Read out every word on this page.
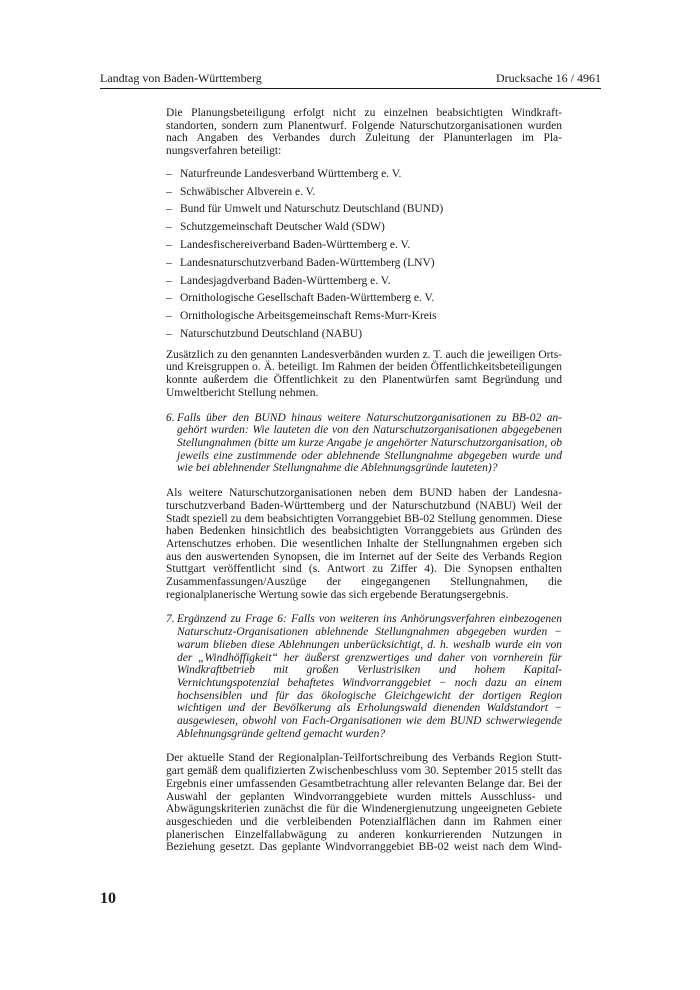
Landtag von Baden-Württemberg	Drucksache 16 / 4961

Die Planungsbeteiligung erfolgt nicht zu einzelnen beabsichtigten Windkraftstandorten, sondern zum Planentwurf. Folgende Naturschutzorganisationen wurden nach Angaben des Verbandes durch Zuleitung der Planunterlagen im Planungsverfahren beteiligt:

– Naturfreunde Landesverband Württemberg e. V.
– Schwäbischer Albverein e. V.
– Bund für Umwelt und Naturschutz Deutschland (BUND)
– Schutzgemeinschaft Deutscher Wald (SDW)
– Landesfischereiverband Baden-Württemberg e. V.
– Landesnaturschutzverband Baden-Württemberg (LNV)
– Landesjagdverband Baden-Württemberg e. V.
– Ornithologische Gesellschaft Baden-Württemberg e. V.
– Ornithologische Arbeitsgemeinschaft Rems-Murr-Kreis
– Naturschutzbund Deutschland (NABU)

Zusätzlich zu den genannten Landesverbänden wurden z. T. auch die jeweiligen Orts- und Kreisgruppen o. Ä. beteiligt. Im Rahmen der beiden Öffentlichkeitsbeteiligungen konnte außerdem die Öffentlichkeit zu den Planentwürfen samt Begründung und Umweltbericht Stellung nehmen.

6. Falls über den BUND hinaus weitere Naturschutzorganisationen zu BB-02 angehört wurden: Wie lauteten die von den Naturschutzorganisationen abgegebenen Stellungnahmen (bitte um kurze Angabe je angehörter Naturschutzorganisation, ob jeweils eine zustimmende oder ablehnende Stellungnahme abgegeben wurde und wie bei ablehnender Stellungnahme die Ablehnungsgründe lauteten)?

Als weitere Naturschutzorganisationen neben dem BUND haben der Landesnaturschutzverband Baden-Württemberg und der Naturschutzbund (NABU) Weil der Stadt speziell zu dem beabsichtigten Vorranggebiet BB-02 Stellung genommen. Diese haben Bedenken hinsichtlich des beabsichtigten Vorranggebiets aus Gründen des Artenschutzes erhoben. Die wesentlichen Inhalte der Stellungnahmen ergeben sich aus den auswertenden Synopsen, die im Internet auf der Seite des Verbands Region Stuttgart veröffentlicht sind (s. Antwort zu Ziffer 4). Die Synopsen enthalten Zusammenfassungen/Auszüge der eingegangenen Stellungnahmen, die regionalplanerische Wertung sowie das sich ergebende Beratungsergebnis.

7. Ergänzend zu Frage 6: Falls von weiteren ins Anhörungsverfahren einbezogenen Naturschutz-Organisationen ablehnende Stellungnahmen abgegeben wurden − warum blieben diese Ablehnungen unberücksichtigt, d. h. weshalb wurde ein von der „Windhöffigkeit“ her äußerst grenzwertiges und daher von vornherein für Windkraftbetrieb mit großen Verlustrisiken und hohem KapitalVernichtungspotenzial behaftetes Windvorranggebiet − noch dazu an einem hochsensiblen und für das ökologische Gleichgewicht der dortigen Region wichtigen und der Bevölkerung als Erholungswald dienenden Waldstandort − ausgewiesen, obwohl von Fach-Organisationen wie dem BUND schwerwiegende Ablehnungsgründe geltend gemacht wurden?

Der aktuelle Stand der Regionalplan-Teilfortschreibung des Verbands Region Stuttgart gemäß dem qualifizierten Zwischenbeschluss vom 30. September 2015 stellt das Ergebnis einer umfassenden Gesamtbetrachtung aller relevanten Belange dar. Bei der Auswahl der geplanten Windvorranggebiete wurden mittels Ausschluss- und Abwägungskriterien zunächst die für die Windenergienutzung ungeeigneten Gebiete ausgeschieden und die verbleibenden Potenzialflächen dann im Rahmen einer planerischen Einzelfallabwägung zu anderen konkurrierenden Nutzungen in Beziehung gesetzt. Das geplante Windvorranggebiet BB-02 weist nach dem Wind-

10
